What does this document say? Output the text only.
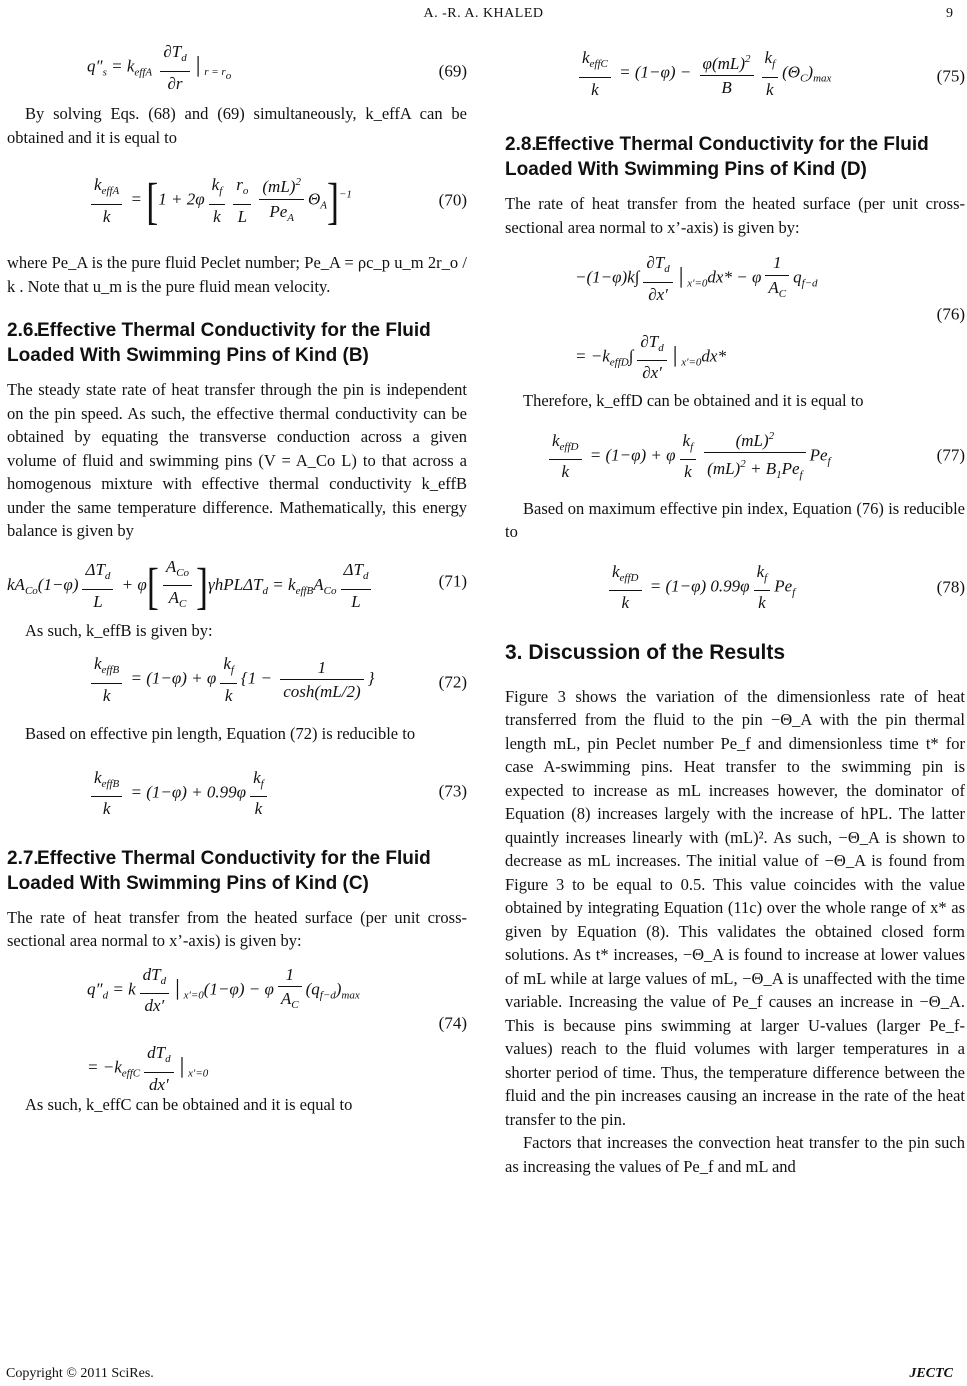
A. -R. A. KHALED	9
$q''_s = k_{effA} \frac{\partial T_d}{\partial r}$ $│_{r = ro}$	(69)

By solving Eqs. (68) and (69) simultaneously, k_effA can be obtained and it is equal to

$\frac{k_{effA}}{k} = [1 + 2\varphi \frac{k_f}{k} \frac{r_o}{L} \frac{(mL)^2}{Pe_A} \Theta_A]^{-1}$	(70)

where Pe_A is the pure fluid Peclet number; Pe_A = ρc_p u_m 2r_o / k . Note that u_m is the pure fluid mean velocity.

2.6.Effective Thermal Conductivity for the Fluid Loaded With Swimming Pins of Kind (B)

The steady state rate of heat transfer through the pin is independent on the pin speed. As such, the effective thermal conductivity can be obtained by equating the transverse conduction across a given volume of fluid and swimming pins (V = A_Co L) to that across a homogenous mixture with effective thermal conductivity k_effB under the same temperature difference. Mathematically, this energy balance is given by

$kA_{Co}(1-\varphi) \frac{\Delta T_d}{L} + \varphi[ \frac{A_{Co}}{A_C} ]\gamma hPL\Delta T_d = k_{effB}A_{Co} \frac{\Delta T_d}{L}$	(71)

As such, k_effB is given by:

$\frac{k_{effB}}{k} = (1-\varphi) + \varphi \frac{k_f}{k} \{1 - \frac{1}{\cosh(mL/2)}$ }	(72)

Based on effective pin length, Equation (72) is reducible to

$\frac{k_{effB}}{k} = (1-\varphi) + 0.99\varphi \frac{k_f}{k}$	(73)
2.7.Effective Thermal Conductivity for the Fluid Loaded With Swimming Pins of Kind (C)

The rate of heat transfer from the heated surface (per unit cross-sectional area normal to x’-axis) is given by:

$q''_d = k \frac{dT_d}{dx'}$ $│_{x'=0}(1-\varphi) - \varphi \frac{1}{A_C} (q_{f-d})_{max}$

= $-k_{effC} \frac{dT_d}{dx'}$ $│_{x'=0}$
(74)

As such, k_effC can be obtained and it is equal to

$\frac{k_{effC}}{k} = (1-\varphi) - \frac{\varphi(mL)^2}{B} \frac{k_f}{k} (\Theta_C)_{max}$	(75)
2.8.Effective Thermal Conductivity for the Fluid Loaded With Swimming Pins of Kind (D)

The rate of heat transfer from the heated surface (per unit cross-sectional area normal to x’-axis) is given by:

$-(1-\varphi)k\int \frac{\partial T_d}{\partial x'}$ $│_{x'=0}dx* - \varphi \frac{1}{A_C} q_{f-d}$

= $-k_{effD}\int \frac{\partial T_d}{\partial x'}$ $│_{x'=0}dx*$
(76)

Therefore, k_effD can be obtained and it is equal to

$\frac{k_{effD}}{k} = (1-\varphi) + \varphi \frac{k_f}{k} \frac{(mL)^2}{(mL)^2 + B_1Pe_f} Pe_f$	(77)

Based on maximum effective pin index, Equation (76) is reducible to

$\frac{k_{effD}}{k} = (1-\varphi)$ $0.99\varphi \frac{k_f}{k} Pe_f$	(78)
3. Discussion of the Results

Figure 3 shows the variation of the dimensionless rate of heat transferred from the fluid to the pin −Θ_A with the pin thermal length mL, pin Peclet number Pe_f and dimensionless time t* for case A-swimming pins. Heat transfer to the swimming pin is expected to increase as mL increases however, the dominator of Equation (8) increases largely with the increase of hPL. The latter quaintly increases linearly with (mL)². As such, −Θ_A is shown to decrease as mL increases. The initial value of −Θ_A is found from Figure 3 to be equal to 0.5. This value coincides with the value obtained by integrating Equation (11c) over the whole range of x* as given by Equation (8). This validates the obtained closed form solutions. As t* increases, −Θ_A is found to increase at lower values of mL while at large values of mL, −Θ_A is unaffected with the time variable. Increasing the value of Pe_f causes an increase in −Θ_A. This is because pins swimming at larger U-values (larger Pe_f-values) reach to the fluid volumes with larger temperatures in a shorter period of time. Thus, the temperature difference between the fluid and the pin increases causing an increase in the rate of the heat transfer to the pin.

Factors that increases the convection heat transfer to the pin such as increasing the values of Pe_f and mL and

Copyright © 2011 SciRes.	JECTC
